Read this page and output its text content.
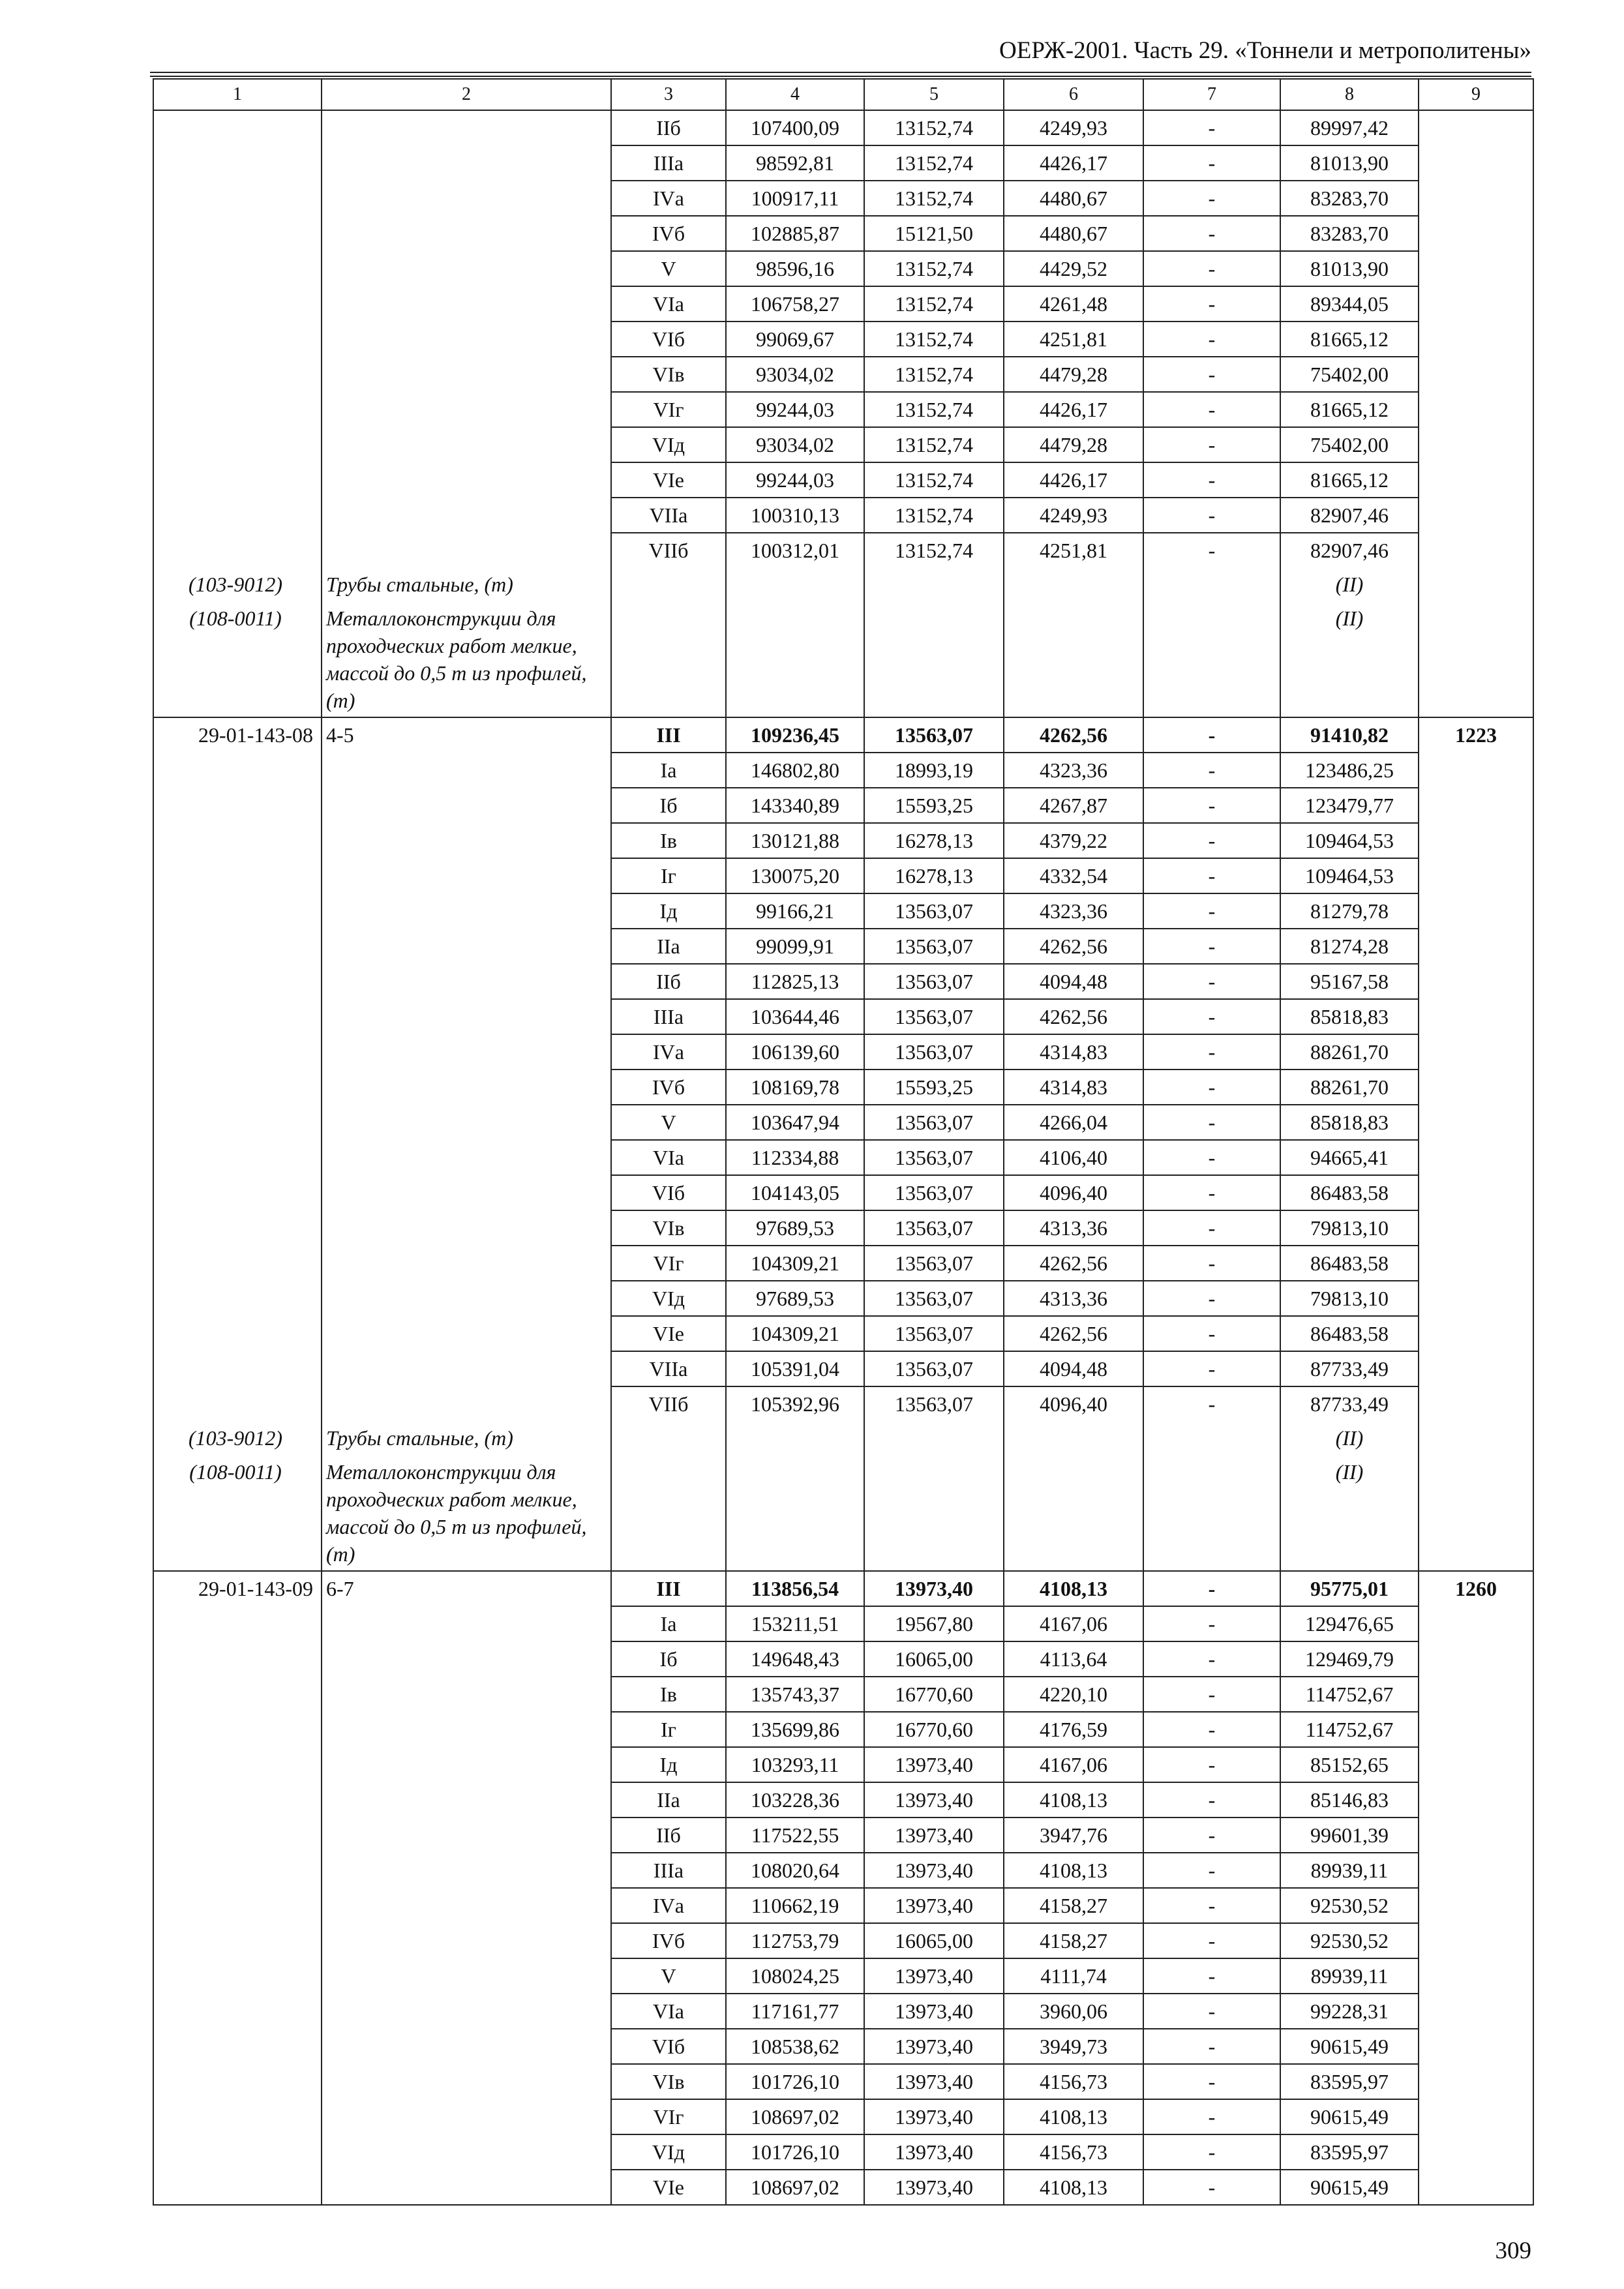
ОЕРЖ-2001. Часть 29. «Тоннели и метрополитены»
1	2	3	4	5	6	7	8	9
		IIб	107400,09	13152,74	4249,93	-	89997,42	
		IIIа	98592,81	13152,74	4426,17	-	81013,90	
		IVа	100917,11	13152,74	4480,67	-	83283,70	
		IVб	102885,87	15121,50	4480,67	-	83283,70	
		V	98596,16	13152,74	4429,52	-	81013,90	
		VIа	106758,27	13152,74	4261,48	-	89344,05	
		VIб	99069,67	13152,74	4251,81	-	81665,12	
		VIв	93034,02	13152,74	4479,28	-	75402,00	
		VIг	99244,03	13152,74	4426,17	-	81665,12	
		VIд	93034,02	13152,74	4479,28	-	75402,00	
		VIе	99244,03	13152,74	4426,17	-	81665,12	
		VIIа	100310,13	13152,74	4249,93	-	82907,46	
		VIIб	100312,01	13152,74	4251,81	-	82907,46	
(103-9012)	Трубы стальные, (т)						(II)	
(108-0011)	Металлоконструкции для проходческих работ мелкие, массой до 0,5 т из профилей, (т)						(II)	
29-01-143-08	4-5	III	109236,45	13563,07	4262,56	-	91410,82	1223
		Iа	146802,80	18993,19	4323,36	-	123486,25	
		Iб	143340,89	15593,25	4267,87	-	123479,77	
		Iв	130121,88	16278,13	4379,22	-	109464,53	
		Iг	130075,20	16278,13	4332,54	-	109464,53	
		Iд	99166,21	13563,07	4323,36	-	81279,78	
		IIа	99099,91	13563,07	4262,56	-	81274,28	
		IIб	112825,13	13563,07	4094,48	-	95167,58	
		IIIа	103644,46	13563,07	4262,56	-	85818,83	
		IVа	106139,60	13563,07	4314,83	-	88261,70	
		IVб	108169,78	15593,25	4314,83	-	88261,70	
		V	103647,94	13563,07	4266,04	-	85818,83	
		VIа	112334,88	13563,07	4106,40	-	94665,41	
		VIб	104143,05	13563,07	4096,40	-	86483,58	
		VIв	97689,53	13563,07	4313,36	-	79813,10	
		VIг	104309,21	13563,07	4262,56	-	86483,58	
		VIд	97689,53	13563,07	4313,36	-	79813,10	
		VIе	104309,21	13563,07	4262,56	-	86483,58	
		VIIа	105391,04	13563,07	4094,48	-	87733,49	
		VIIб	105392,96	13563,07	4096,40	-	87733,49	
(103-9012)	Трубы стальные, (т)						(II)	
(108-0011)	Металлоконструкции для проходческих работ мелкие, массой до 0,5 т из профилей, (т)						(II)	
29-01-143-09	6-7	III	113856,54	13973,40	4108,13	-	95775,01	1260
		Iа	153211,51	19567,80	4167,06	-	129476,65	
		Iб	149648,43	16065,00	4113,64	-	129469,79	
		Iв	135743,37	16770,60	4220,10	-	114752,67	
		Iг	135699,86	16770,60	4176,59	-	114752,67	
		Iд	103293,11	13973,40	4167,06	-	85152,65	
		IIа	103228,36	13973,40	4108,13	-	85146,83	
		IIб	117522,55	13973,40	3947,76	-	99601,39	
		IIIа	108020,64	13973,40	4108,13	-	89939,11	
		IVа	110662,19	13973,40	4158,27	-	92530,52	
		IVб	112753,79	16065,00	4158,27	-	92530,52	
		V	108024,25	13973,40	4111,74	-	89939,11	
		VIа	117161,77	13973,40	3960,06	-	99228,31	
		VIб	108538,62	13973,40	3949,73	-	90615,49	
		VIв	101726,10	13973,40	4156,73	-	83595,97	
		VIг	108697,02	13973,40	4108,13	-	90615,49	
		VIд	101726,10	13973,40	4156,73	-	83595,97	
		VIе	108697,02	13973,40	4108,13	-	90615,49	
309
